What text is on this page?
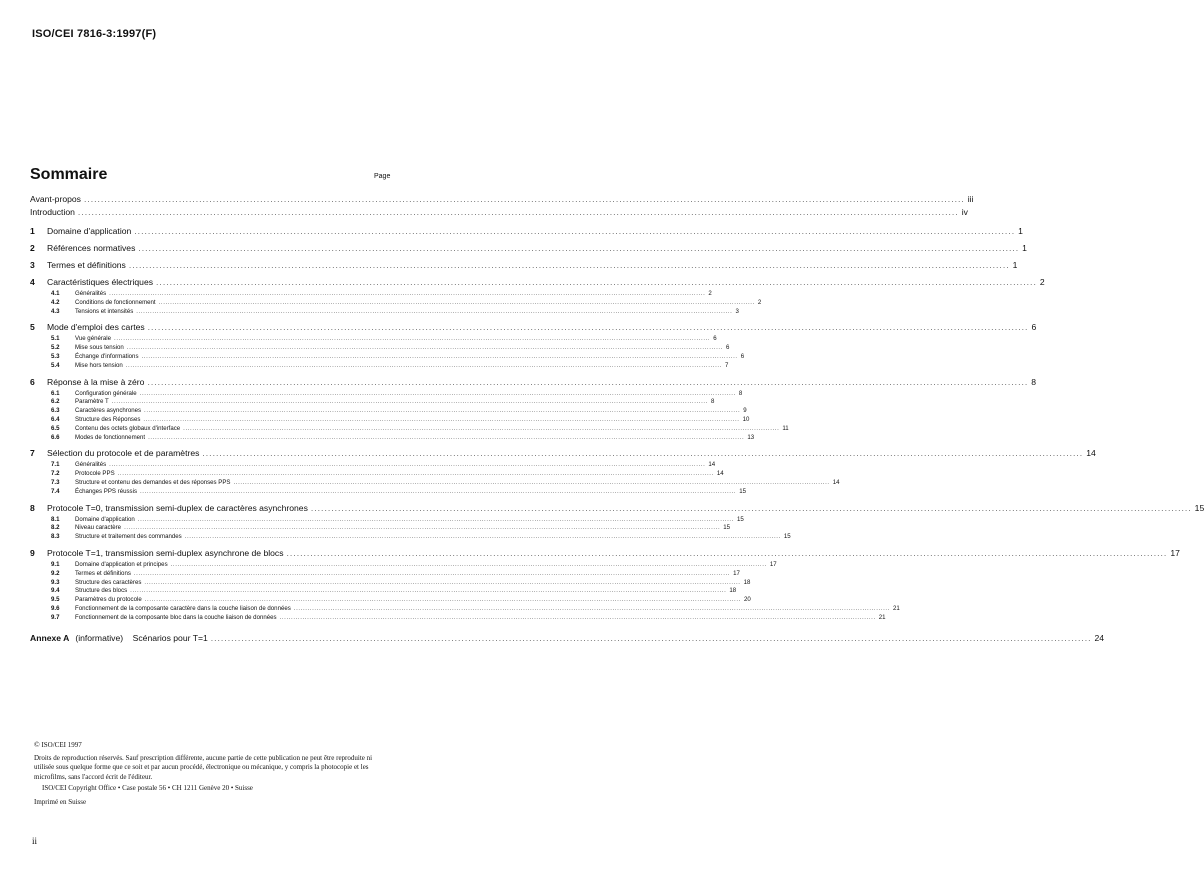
ISO/CEI 7816-3:1997(F)
Sommaire	Page
Avant-propos .................................................................................................................................................................................................................................................................... iii
Introduction .................................................................................................................................................................................................................................................................... iv
1	Domaine d'application .................................................................................................................................................................................................................................................................... 1
2	Références normatives .................................................................................................................................................................................................................................................................... 1
3	Termes et définitions .................................................................................................................................................................................................................................................................... 1
4	Caractéristiques électriques .................................................................................................................................................................................................................................................................... 2
4.1	Généralités .................................................................................................................................................................................................................................................................... 2
4.2	Conditions de fonctionnement .................................................................................................................................................................................................................................................................... 2
4.3	Tensions et intensités .................................................................................................................................................................................................................................................................... 3
5	Mode d'emploi des cartes .................................................................................................................................................................................................................................................................... 6
5.1	Vue générale .................................................................................................................................................................................................................................................................... 6
5.2	Mise sous tension .................................................................................................................................................................................................................................................................... 6
5.3	Échange d'informations .................................................................................................................................................................................................................................................................... 6
5.4	Mise hors tension .................................................................................................................................................................................................................................................................... 7
6	Réponse à la mise à zéro .................................................................................................................................................................................................................................................................... 8
6.1	Configuration générale .................................................................................................................................................................................................................................................................... 8
6.2	Paramètre T .................................................................................................................................................................................................................................................................... 8
6.3	Caractères asynchrones .................................................................................................................................................................................................................................................................... 9
6.4	Structure des Réponses .................................................................................................................................................................................................................................................................... 10
6.5	Contenu des octets globaux d'interface .................................................................................................................................................................................................................................................................... 11
6.6	Modes de fonctionnement .................................................................................................................................................................................................................................................................... 13
7	Sélection du protocole et de paramètres .................................................................................................................................................................................................................................................................... 14
7.1	Généralités .................................................................................................................................................................................................................................................................... 14
7.2	Protocole PPS .................................................................................................................................................................................................................................................................... 14
7.3	Structure et contenu des demandes et des réponses PPS .................................................................................................................................................................................................................................................................... 14
7.4	Échanges PPS réussis .................................................................................................................................................................................................................................................................... 15
8	Protocole T=0, transmission semi-duplex de caractères asynchrones .................................................................................................................................................................................................................................................................... 15
8.1	Domaine d'application .................................................................................................................................................................................................................................................................... 15
8.2	Niveau caractère .................................................................................................................................................................................................................................................................... 15
8.3	Structure et traitement des commandes .................................................................................................................................................................................................................................................................... 15
9	Protocole T=1, transmission semi-duplex asynchrone de blocs .................................................................................................................................................................................................................................................................... 17
9.1	Domaine d'application et principes .................................................................................................................................................................................................................................................................... 17
9.2	Termes et définitions .................................................................................................................................................................................................................................................................... 17
9.3	Structure des caractères .................................................................................................................................................................................................................................................................... 18
9.4	Structure des blocs .................................................................................................................................................................................................................................................................... 18
9.5	Paramètres du protocole .................................................................................................................................................................................................................................................................... 20
9.6	Fonctionnement de la composante caractère dans la couche liaison de données .................................................................................................................................................................................................................................................................... 21
9.7	Fonctionnement de la composante bloc dans la couche liaison de données .................................................................................................................................................................................................................................................................... 21
Annexe A (informative) Scénarios pour T=1 .................................................................................................................................................................................................................................................................... 24
© ISO/CEI 1997
Droits de reproduction réservés. Sauf prescription différente, aucune partie de cette publication ne peut être reproduite ni utilisée sous quelque forme que ce soit et par aucun procédé, électronique ou mécanique, y compris la photocopie et les microfilms, sans l'accord écrit de l'éditeur.
ISO/CEI Copyright Office • Case postale 56 • CH 1211 Genève 20 • Suisse
Imprimé en Suisse
ii
